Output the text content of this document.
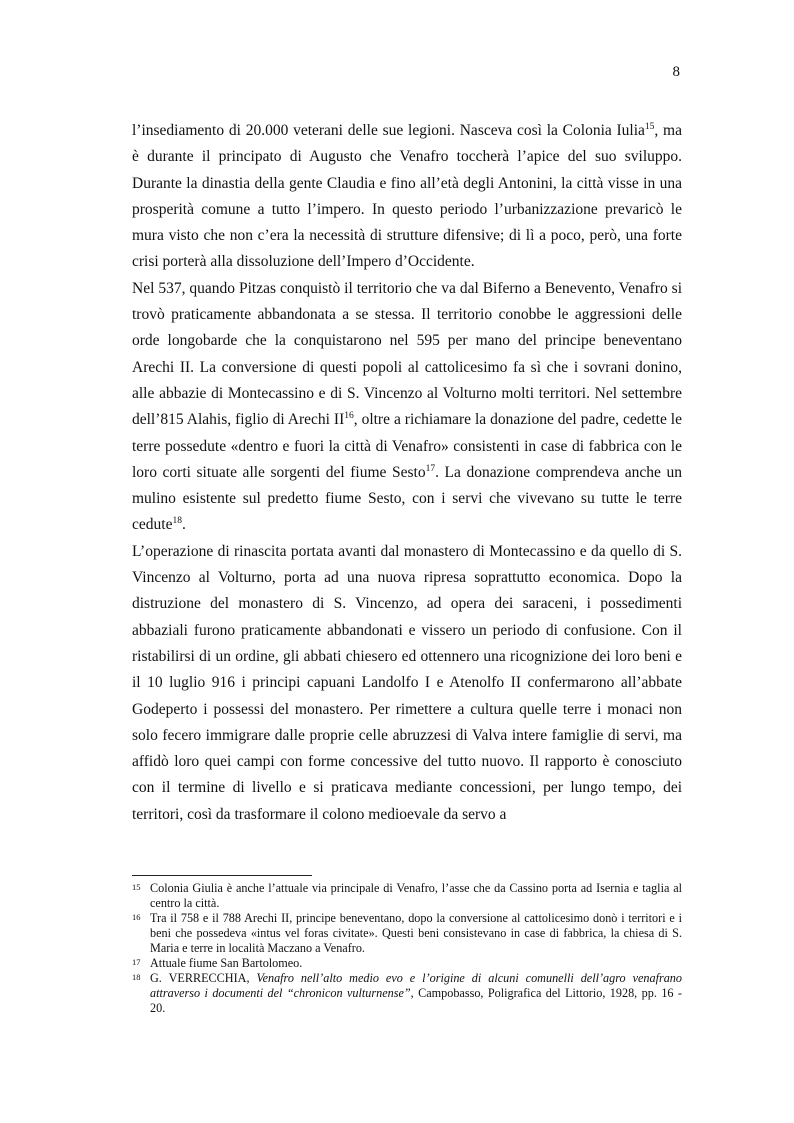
8

l’insediamento di 20.000 veterani delle sue legioni. Nasceva così la Colonia Iulia$^{15}$, ma è durante il principato di Augusto che Venafro toccherà l’apice del suo sviluppo. Durante la dinastia della gente Claudia e fino all’età degli Antonini, la città visse in una prosperità comune a tutto l’impero. In questo periodo l’urbanizzazione prevaricò le mura visto che non c’era la necessità di strutture difensive; di lì a poco, però, una forte crisi porterà alla dissoluzione dell’Impero d’Occidente.

Nel 537, quando Pitzas conquistò il territorio che va dal Biferno a Benevento, Venafro si trovò praticamente abbandonata a se stessa. Il territorio conobbe le aggressioni delle orde longobarde che la conquistarono nel 595 per mano del principe beneventano Arechi II. La conversione di questi popoli al cattolicesimo fa sì che i sovrani donino, alle abbazie di Montecassino e di S. Vincenzo al Volturno molti territori. Nel settembre dell’815 Alahis, figlio di Arechi II$^{16}$, oltre a richiamare la donazione del padre, cedette le terre possedute «dentro e fuori la città di Venafro» consistenti in case di fabbrica con le loro corti situate alle sorgenti del fiume Sesto$^{17}$. La donazione comprendeva anche un mulino esistente sul predetto fiume Sesto, con i servi che vivevano su tutte le terre cedute$^{18}$.

L’operazione di rinascita portata avanti dal monastero di Montecassino e da quello di S. Vincenzo al Volturno, porta ad una nuova ripresa soprattutto economica. Dopo la distruzione del monastero di S. Vincenzo, ad opera dei saraceni, i possedimenti abbaziali furono praticamente abbandonati e vissero un periodo di confusione. Con il ristabilirsi di un ordine, gli abbati chiesero ed ottennero una ricognizione dei loro beni e il 10 luglio 916 i principi capuani Landolfo I e Atenolfo II confermarono all’abbate Godeperto i possessi del monastero. Per rimettere a cultura quelle terre i monaci non solo fecero immigrare dalle proprie celle abruzzesi di Valva intere famiglie di servi, ma affidò loro quei campi con forme concessive del tutto nuovo. Il rapporto è conosciuto con il termine di livello e si praticava mediante concessioni, per lungo tempo, dei territori, così da trasformare il colono medioevale da servo a

15 Colonia Giulia è anche l’attuale via principale di Venafro, l’asse che da Cassino porta ad Isernia e taglia al centro la città.
16 Tra il 758 e il 788 Arechi II, principe beneventano, dopo la conversione al cattolicesimo donò i territori e i beni che possedeva «intus vel foras civitate». Questi beni consistevano in case di fabbrica, la chiesa di S. Maria e terre in località Maczano a Venafro.
17 Attuale fiume San Bartolomeo.
18 G. VERRECCHIA, Venafro nell’alto medio evo e l’origine di alcuni comunelli dell’agro venafrano attraverso i documenti del “chronicon vulturnense”, Campobasso, Poligrafica del Littorio, 1928, pp. 16 - 20.
